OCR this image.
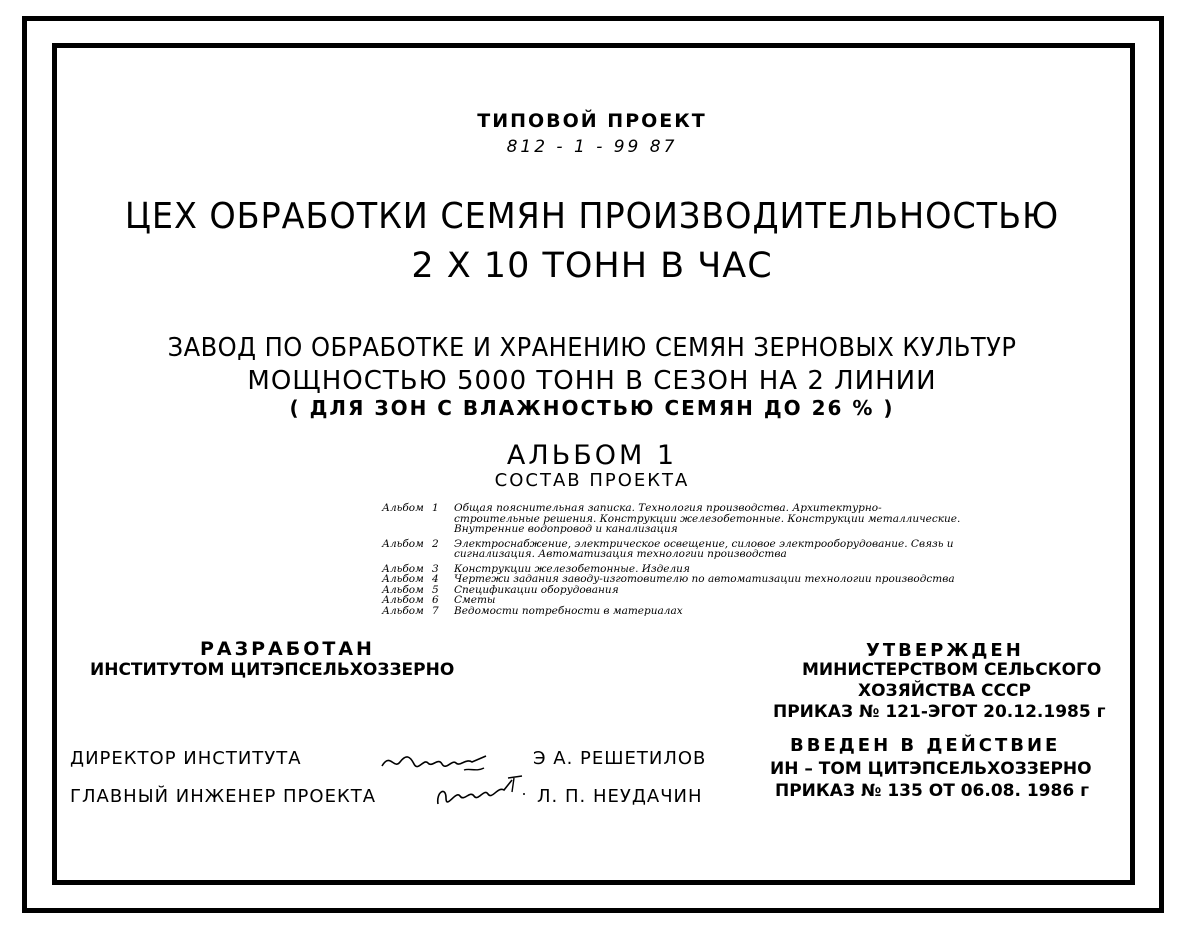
ТИПОВОЙ ПРОЕКТ
812 - 1 - 99 87
ЦЕХ ОБРАБОТКИ СЕМЯН ПРОИЗВОДИТЕЛЬНОСТЬЮ
2 X 10 ТОНН В ЧАС
ЗАВОД ПО ОБРАБОТКЕ И ХРАНЕНИЮ СЕМЯН ЗЕРНОВЫХ КУЛЬТУР
МОЩНОСТЬЮ 5000 ТОНН В СЕЗОН НА 2 ЛИНИИ
( ДЛЯ ЗОН С ВЛАЖНОСТЬЮ СЕМЯН ДО 26 % )
АЛЬБОМ 1
СОСТАВ ПРОЕКТА
Альбом 1	Общая пояснительная записка. Технология производства. Архитектурно-строительные решения. Конструкции железобетонные. Конструкции металлические. Внутренние водопровод и канализация
Альбом 2	Электроснабжение, электрическое освещение, силовое электрооборудование. Связь и сигнализация. Автоматизация технологии производства
Альбом 3	Конструкции железобетонные. Изделия
Альбом 4	Чертежи задания заводу-изготовителю по автоматизации технологии производства
Альбом 5	Спецификации оборудования
Альбом 6	Сметы
Альбом 7	Ведомости потребности в материалах
РАЗРАБОТАН
ИНСТИТУТОМ ЦИТЭПСЕЛЬХОЗЗЕРНО
УТВЕРЖДЕН
МИНИСТЕРСТВОМ СЕЛЬСКОГО
ХОЗЯЙСТВА СССР
ПРИКАЗ № 121-ЭГОТ 20.12.1985 г
ВВЕДЕН В ДЕЙСТВИЕ
ИН – ТОМ ЦИТЭПСЕЛЬХОЗЗЕРНО
ПРИКАЗ № 135 ОТ 06.08. 1986 г
ДИРЕКТОР ИНСТИТУТА	Э А. РЕШЕТИЛОВ
ГЛАВНЫЙ ИНЖЕНЕР ПРОЕКТА	Л. П. НЕУДАЧИН
